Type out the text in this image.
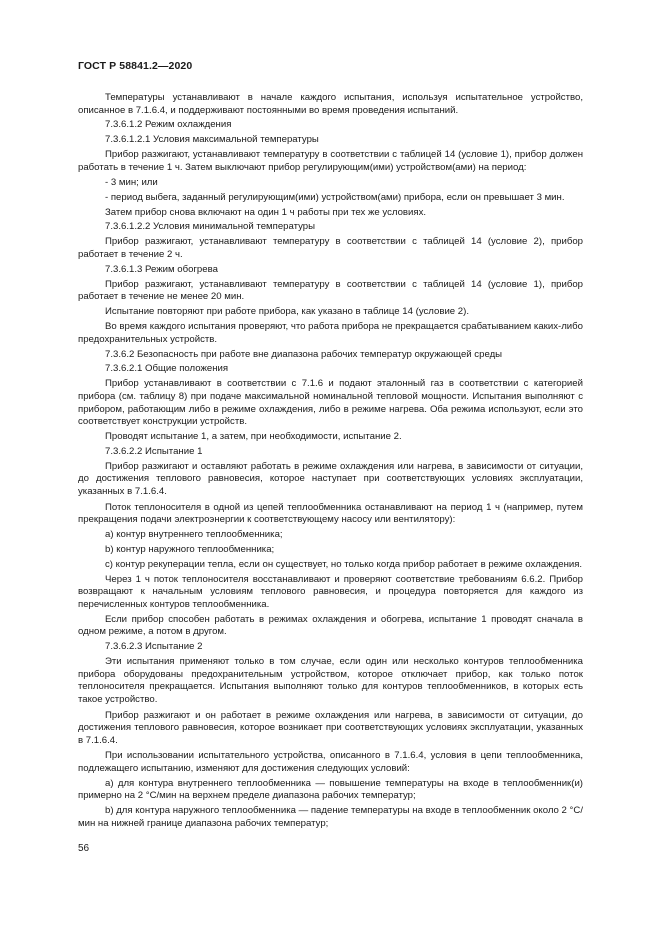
ГОСТ Р 58841.2—2020

Температуры устанавливают в начале каждого испытания, используя испытательное устройство, описанное в 7.1.6.4, и поддерживают постоянными во время проведения испытаний.

7.3.6.1.2 Режим охлаждения

7.3.6.1.2.1 Условия максимальной температуры

Прибор разжигают, устанавливают температуру в соответствии с таблицей 14 (условие 1), прибор должен работать в течение 1 ч. Затем выключают прибор регулирующим(ими) устройством(ами) на период:

- 3 мин; или

- период выбега, заданный регулирующим(ими) устройством(ами) прибора, если он превышает 3 мин.

Затем прибор снова включают на один 1 ч работы при тех же условиях.

7.3.6.1.2.2 Условия минимальной температуры

Прибор разжигают, устанавливают температуру в соответствии с таблицей 14 (условие 2), прибор работает в течение 2 ч.

7.3.6.1.3 Режим обогрева

Прибор разжигают, устанавливают температуру в соответствии с таблицей 14 (условие 1), прибор работает в течение не менее 20 мин.

Испытание повторяют при работе прибора, как указано в таблице 14 (условие 2).

Во время каждого испытания проверяют, что работа прибора не прекращается срабатыванием каких-либо предохранительных устройств.

7.3.6.2 Безопасность при работе вне диапазона рабочих температур окружающей среды

7.3.6.2.1 Общие положения

Прибор устанавливают в соответствии с 7.1.6 и подают эталонный газ в соответствии с категорией прибора (см. таблицу 8) при подаче максимальной номинальной тепловой мощности. Испытания выполняют с прибором, работающим либо в режиме охлаждения, либо в режиме нагрева. Оба режима используют, если это соответствует конструкции устройств.

Проводят испытание 1, а затем, при необходимости, испытание 2.

7.3.6.2.2 Испытание 1

Прибор разжигают и оставляют работать в режиме охлаждения или нагрева, в зависимости от ситуации, до достижения теплового равновесия, которое наступает при соответствующих условиях эксплуатации, указанных в 7.1.6.4.

Поток теплоносителя в одной из цепей теплообменника останавливают на период 1 ч (например, путем прекращения подачи электроэнергии к соответствующему насосу или вентилятору):

a) контур внутреннего теплообменника;

b) контур наружного теплообменника;

c) контур рекуперации тепла, если он существует, но только когда прибор работает в режиме охлаждения.

Через 1 ч поток теплоносителя восстанавливают и проверяют соответствие требованиям 6.6.2. Прибор возвращают к начальным условиям теплового равновесия, и процедура повторяется для каждого из перечисленных контуров теплообменника.

Если прибор способен работать в режимах охлаждения и обогрева, испытание 1 проводят сначала в одном режиме, а потом в другом.

7.3.6.2.3 Испытание 2

Эти испытания применяют только в том случае, если один или несколько контуров теплообменника прибора оборудованы предохранительным устройством, которое отключает прибор, как только поток теплоносителя прекращается. Испытания выполняют только для контуров теплообменников, в которых есть такое устройство.

Прибор разжигают и он работает в режиме охлаждения или нагрева, в зависимости от ситуации, до достижения теплового равновесия, которое возникает при соответствующих условиях эксплуатации, указанных в 7.1.6.4.

При использовании испытательного устройства, описанного в 7.1.6.4, условия в цепи теплообменника, подлежащего испытанию, изменяют для достижения следующих условий:

a) для контура внутреннего теплообменника — повышение температуры на входе в теплообменник(и) примерно на 2 °С/мин на верхнем пределе диапазона рабочих температур;

b) для контура наружного теплообменника — падение температуры на входе в теплообменник около 2 °С/мин на нижней границе диапазона рабочих температур;

56
